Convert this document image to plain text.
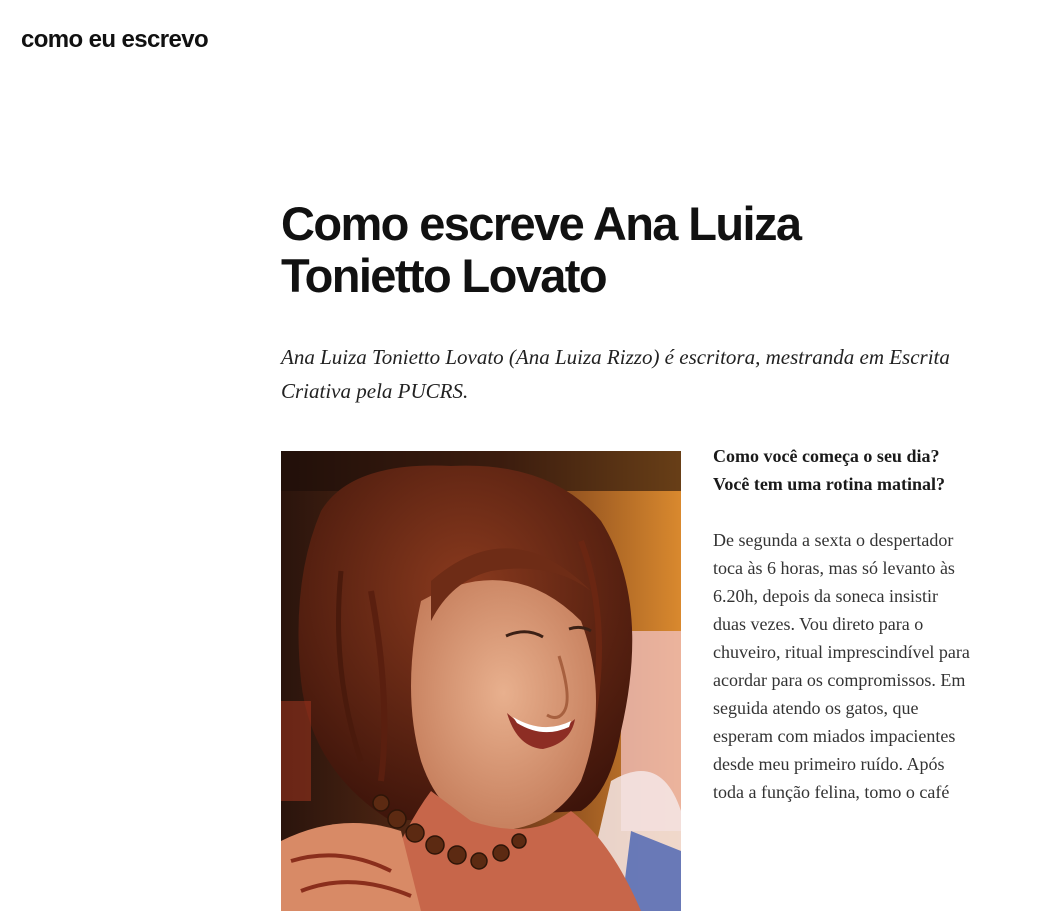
como eu escrevo
Como escreve Ana Luiza Tonietto Lovato

Ana Luiza Tonietto Lovato (Ana Luiza Rizzo) é escritora, mestranda em Escrita Criativa pela PUCRS.

Como você começa o seu dia? Você tem uma rotina matinal?

De segunda a sexta o despertador toca às 6 horas, mas só levanto às 6.20h, depois da soneca insistir duas vezes. Vou direto para o chuveiro, ritual imprescindível para acordar para os compromissos. Em seguida atendo os gatos, que esperam com miados impacientes desde meu primeiro ruído. Após toda a função felina, tomo o café
